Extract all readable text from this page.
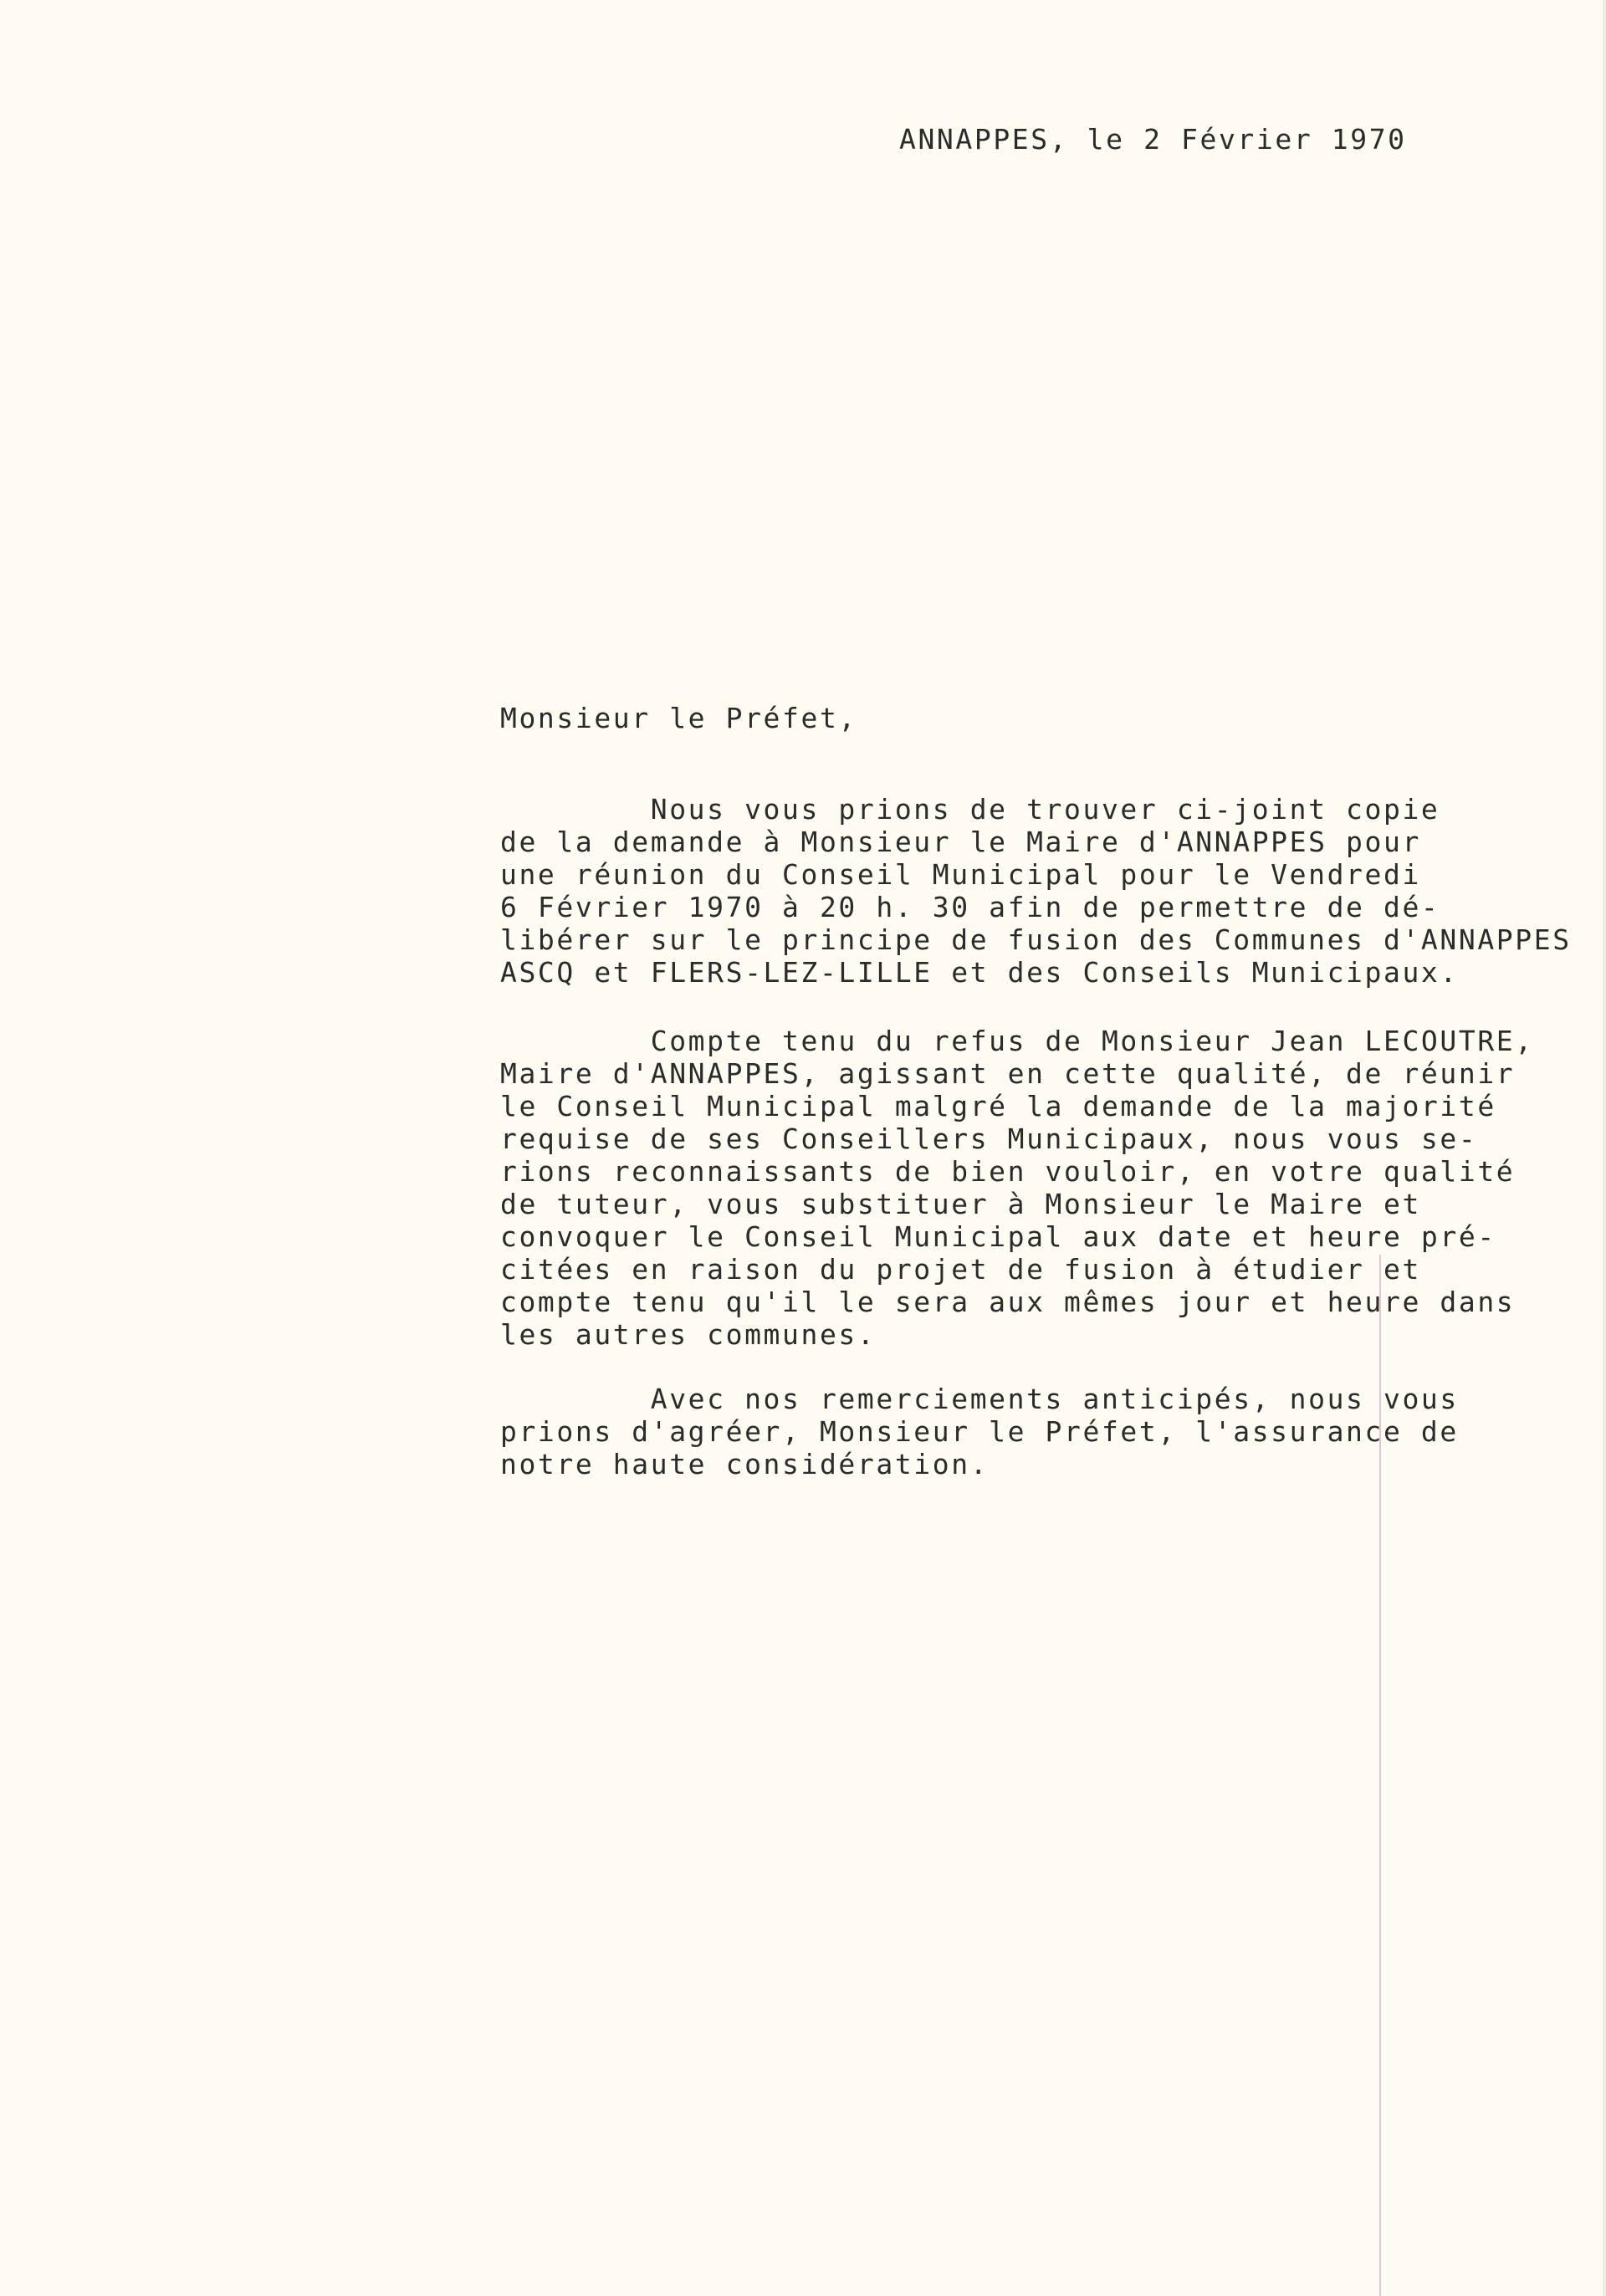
ANNAPPES, le 2 Février 1970

Monsieur le Préfet,

Nous vous prions de trouver ci-joint copie
de la demande à Monsieur le Maire d'ANNAPPES pour
une réunion du Conseil Municipal pour le Vendredi
6 Février 1970 à 20 h. 30 afin de permettre de dé-
libérer sur le principe de fusion des Communes d'ANNAPPES
ASCQ et FLERS-LEZ-LILLE et des Conseils Municipaux.
Compte tenu du refus de Monsieur Jean LECOUTRE,
Maire d'ANNAPPES, agissant en cette qualité, de réunir
le Conseil Municipal malgré la demande de la majorité
requise de ses Conseillers Municipaux, nous vous se-
rions reconnaissants de bien vouloir, en votre qualité
de tuteur, vous substituer à Monsieur le Maire et
convoquer le Conseil Municipal aux date et heure pré-
citées en raison du projet de fusion à étudier et
compte tenu qu'il le sera aux mêmes jour et heure dans
les autres communes.
Avec nos remerciements anticipés, nous vous
prions d'agréer, Monsieur le Préfet, l'assurance de
notre haute considération.
